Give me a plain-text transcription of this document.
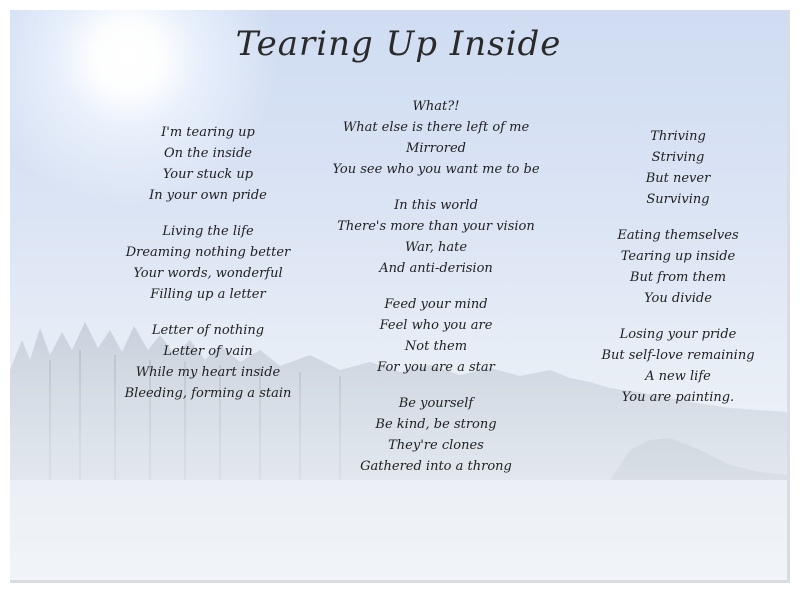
Tearing Up Inside
I'm tearing up
On the inside
Your stuck up
In your own pride
Living the life
Dreaming nothing better
Your words, wonderful
Filling up a letter
Letter of nothing
Letter of vain
While my heart inside
Bleeding, forming a stain
What?!
What else is there left of me
Mirrored
You see who you want me to be
In this world
There's more than your vision
War, hate
And anti-derision
Feed your mind
Feel who you are
Not them
For you are a star
Be yourself
Be kind, be strong
They're clones
Gathered into a throng
Thriving
Striving
But never
Surviving
Eating themselves
Tearing up inside
But from them
You divide
Losing your pride
But self-love remaining
A new life
You are painting.
